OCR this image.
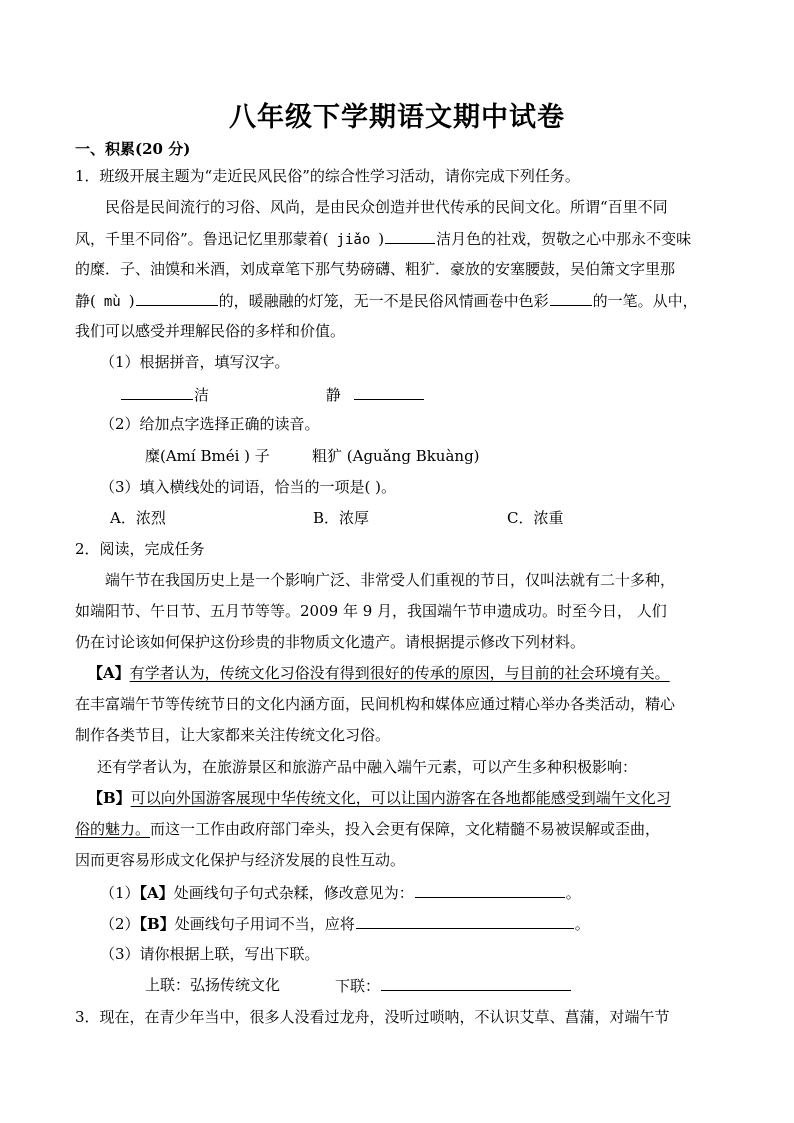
八年级下学期语文期中试卷
一、积累(20 分)
1．班级开展主题为“走近民风民俗”的综合性学习活动，请你完成下列任务。
民俗是民间流行的习俗、风尚，是由民众创造并世代传承的民间文化。所谓“百里不同
风，千里不同俗”。鲁迅记忆里那蒙着( jiǎo )	洁月色的社戏，贺敬之心中那永不变味
的糜．子、油馍和米酒，刘成章笔下那气势磅礴、粗犷．豪放的安塞腰鼓，吴伯箫文字里那
静( mù )	的，暖融融的灯笼，无一不是民俗风情画卷中色彩	的一笔。从中，
我们可以感受并理解民俗的多样和价值。
（1）根据拼音，填写汉字。
洁	静
（2）给加点字选择正确的读音。
糜(Amí Bméi ) 子	粗犷 (Aguǎng Bkuàng)
（3）填入横线处的词语，恰当的一项是( )。
A．浓烈	B．浓厚	C．浓重
2．阅读，完成任务
端午节在我国历史上是一个影响广泛、非常受人们重视的节日，仅叫法就有二十多种，
如端阳节、午日节、五月节等等。2009 年 9 月，我国端午节申遗成功。时至今日， 人们
仍在讨论该如何保护这份珍贵的非物质文化遗产。请根据提示修改下列材料。
【A】有学者认为，传统文化习俗没有得到很好的传承的原因，与目前的社会环境有关。
在丰富端午节等传统节日的文化内涵方面，民间机构和媒体应通过精心举办各类活动，精心
制作各类节目，让大家都来关注传统文化习俗。
还有学者认为，在旅游景区和旅游产品中融入端午元素，可以产生多种积极影响：
【B】可以向外国游客展现中华传统文化，可以让国内游客在各地都能感受到端午文化习
俗的魅力。而这一工作由政府部门牵头，投入会更有保障，文化精髓不易被误解或歪曲，
因而更容易形成文化保护与经济发展的良性互动。
（1）【A】处画线句子句式杂糅，修改意见为：	。
（2）【B】处画线句子用词不当，应将	。
（3）请你根据上联，写出下联。
上联：弘扬传统文化	下联：
3．现在，在青少年当中，很多人没看过龙舟，没听过唢呐，不认识艾草、菖蒲，对端午节
